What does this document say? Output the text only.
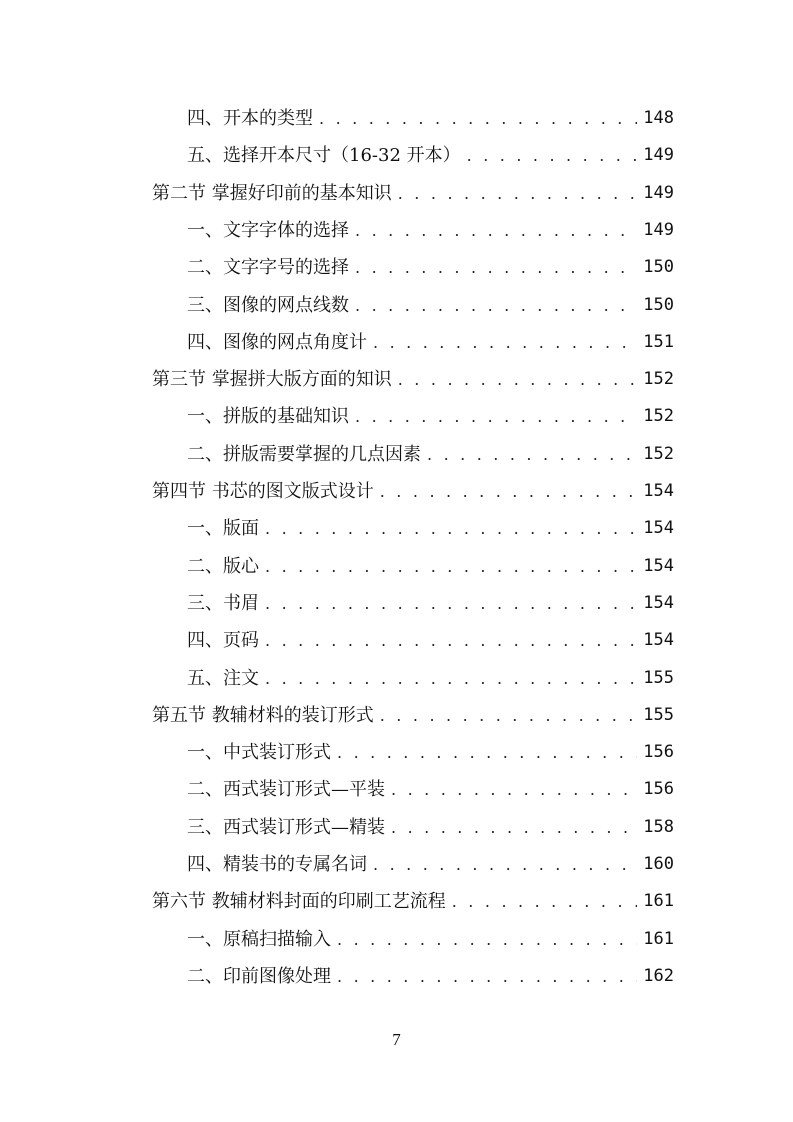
四、开本的类型 . . .	148
五、选择开本尺寸（16-32 开本） . . .	149
第二节 掌握好印前的基本知识 . . .	149
一、文字字体的选择 . . .	149
二、文字字号的选择 . . .	150
三、图像的网点线数 . . .	150
四、图像的网点角度计 . . .	151
第三节 掌握拼大版方面的知识 . . .	152
一、拼版的基础知识 . . .	152
二、拼版需要掌握的几点因素 . . .	152
第四节 书芯的图文版式设计 . . .	154
一、版面 . . .	154
二、版心 . . .	154
三、书眉 . . .	154
四、页码 . . .	154
五、注文 . . .	155
第五节 教辅材料的装订形式 . . .	155
一、中式装订形式 . . .	156
二、西式装订形式—平装 . . .	156
三、西式装订形式—精装 . . .	158
四、精装书的专属名词 . . .	160
第六节 教辅材料封面的印刷工艺流程 . . .	161
一、原稿扫描输入 . . .	161
二、印前图像处理 . . .	162
7
